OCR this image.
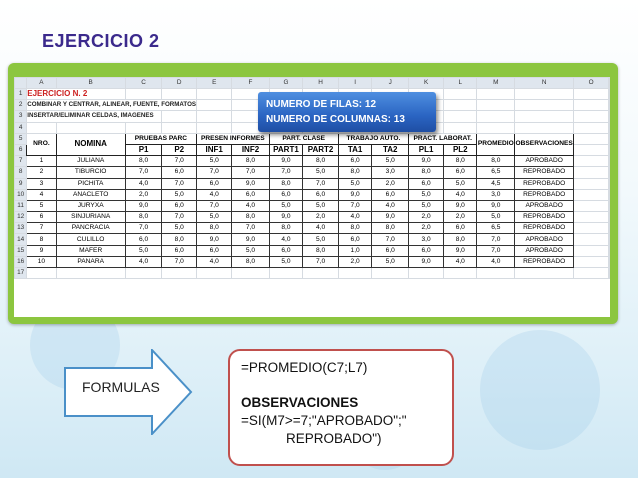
EJERCICIO 2
	A	B	C	D	E	F	G	H	I	J	K	L	M	N	O	
1	EJERCICIO N. 2															
2	COMBINAR Y CENTRAR, ALINEAR, FUENTE, FORMATOS															
3	INSERTAR/ELIMINAR CELDAS, IMAGENES															
4																
5	NRO.	NOMINA	PRUEBAS PARC		PRESEN INFORMES		PART. CLASE		TRABAJO AUTO.		PRACT. LABORAT.		PROMEDIO	OBSERVACIONES		
6			P1	P2	INF1	INF2	PART1	PART2	TA1	TA2	PL1	PL2				
7	1	JULIANA	8,0	7,0	5,0	8,0	9,0	8,0	6,0	5,0	9,0	8,0	8,0	APROBADO		
8	2	TIBURCIO	7,0	6,0	7,0	7,0	7,0	5,0	8,0	3,0	8,0	6,0	6,5	REPROBADO		
9	3	PICHITA	4,0	7,0	6,0	9,0	8,0	7,0	5,0	2,0	6,0	5,0	4,5	REPROBADO		
10	4	ANACLETO	2,0	5,0	4,0	6,0	6,0	6,0	9,0	6,0	5,0	4,0	3,0	REPROBADO		
11	5	JURYXA	9,0	6,0	7,0	4,0	5,0	5,0	7,0	4,0	5,0	9,0	9,0	APROBADO		
12	6	SINJURIANA	8,0	7,0	5,0	8,0	9,0	2,0	4,0	9,0	2,0	2,0	5,0	REPROBADO		
13	7	PANCRACIA	7,0	5,0	8,0	7,0	8,0	4,0	8,0	8,0	2,0	6,0	6,5	REPROBADO		
14	8	CULILLO	6,0	8,0	9,0	9,0	4,0	5,0	6,0	7,0	3,0	8,0	7,0	APROBADO		
15	9	MAFER	5,0	6,0	6,0	5,0	6,0	8,0	1,0	6,0	6,0	9,0	7,0	APROBADO		
16	10	PANARA	4,0	7,0	4,0	8,0	5,0	7,0	2,0	5,0	9,0	4,0	4,0	REPROBADO		
17																
NUMERO DE FILAS: 12
NUMERO DE COLUMNAS: 13
FORMULAS
=PROMEDIO(C7;L7)
OBSERVACIONES
=SI(M7>=7;"APROBADO";"
REPROBADO")
